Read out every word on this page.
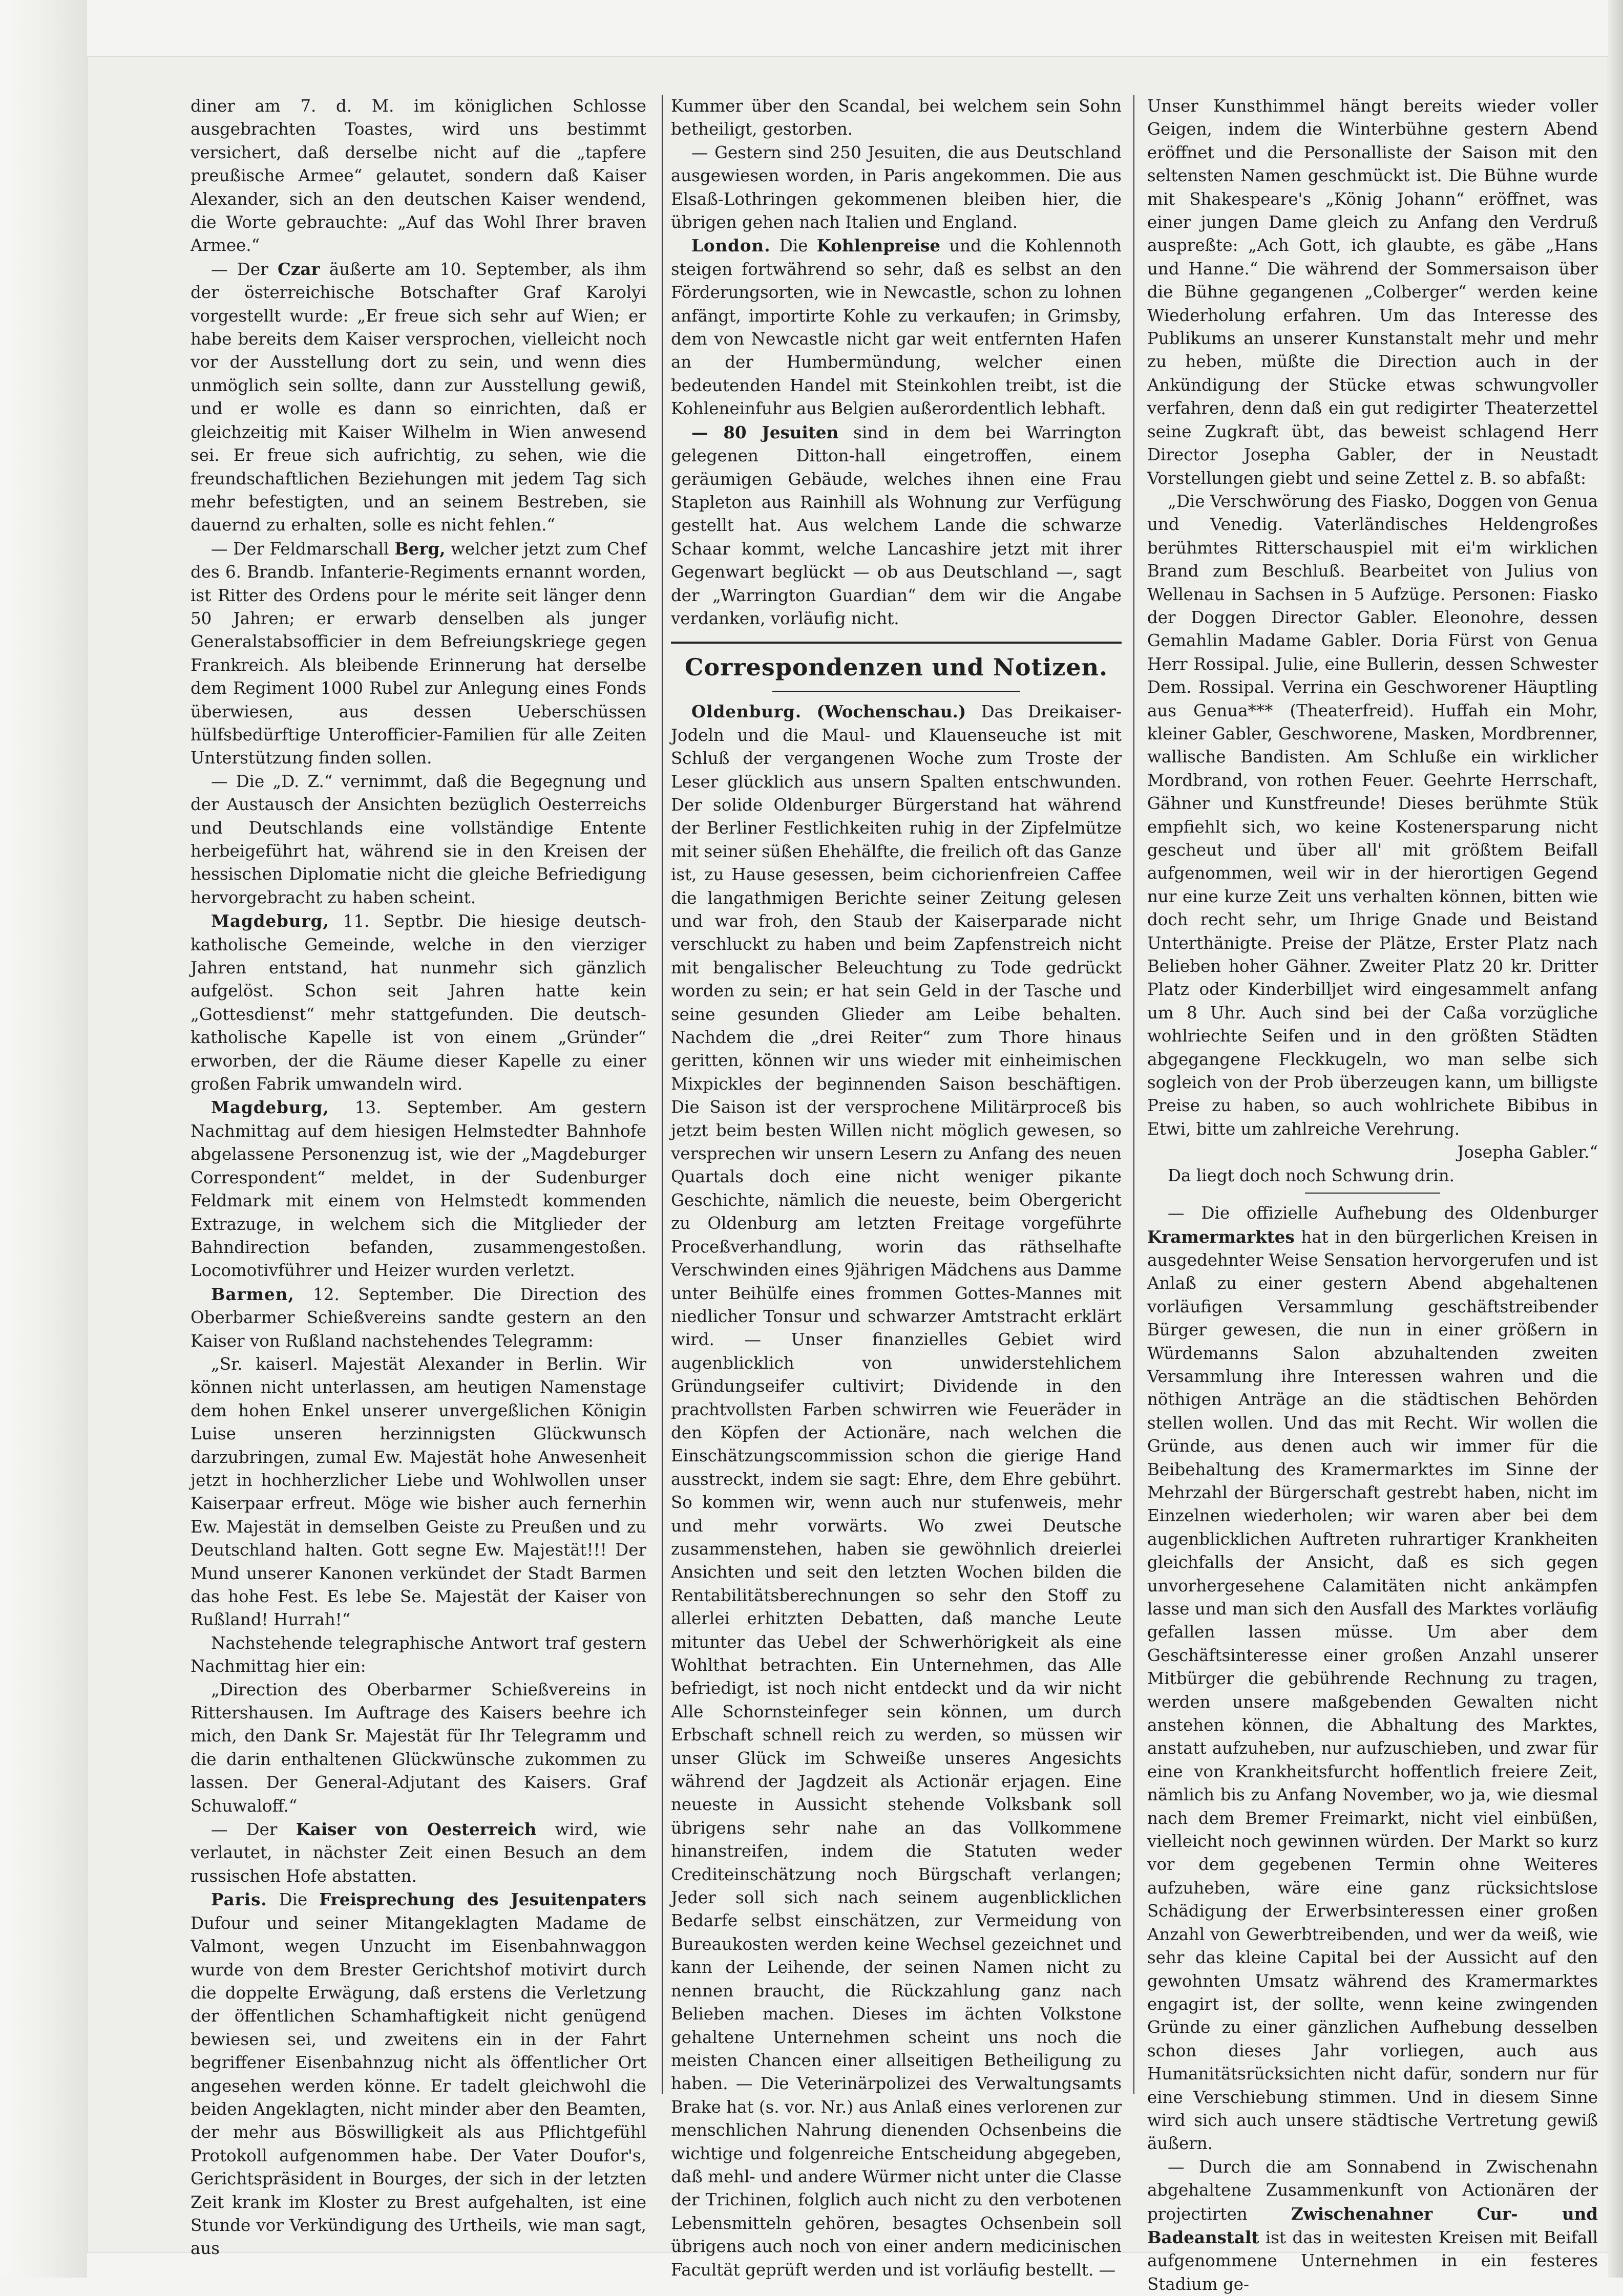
diner am 7. d. M. im königlichen Schlosse ausgebrachten Toastes, wird uns bestimmt versichert, daß derselbe nicht auf die „tapfere preußische Armee“ gelautet, sondern daß Kaiser Alexander, sich an den deutschen Kaiser wendend, die Worte gebrauchte: „Auf das Wohl Ihrer braven Armee.“

— Der Czar äußerte am 10. September, als ihm der österreichische Botschafter Graf Karolyi vorgestellt wurde: „Er freue sich sehr auf Wien; er habe bereits dem Kaiser versprochen, vielleicht noch vor der Ausstellung dort zu sein, und wenn dies unmöglich sein sollte, dann zur Ausstellung gewiß, und er wolle es dann so einrichten, daß er gleichzeitig mit Kaiser Wilhelm in Wien anwesend sei. Er freue sich aufrichtig, zu sehen, wie die freundschaftlichen Beziehungen mit jedem Tag sich mehr befestigten, und an seinem Bestreben, sie dauernd zu erhalten, solle es nicht fehlen.“

— Der Feldmarschall Berg, welcher jetzt zum Chef des 6. Brandb. Infanterie-Regiments ernannt worden, ist Ritter des Ordens pour le mérite seit länger denn 50 Jahren; er erwarb denselben als junger Generalstabsofficier in dem Befreiungskriege gegen Frankreich. Als bleibende Erinnerung hat derselbe dem Regiment 1000 Rubel zur Anlegung eines Fonds überwiesen, aus dessen Ueberschüssen hülfsbedürftige Unterofficier-Familien für alle Zeiten Unterstützung finden sollen.

— Die „D. Z.“ vernimmt, daß die Begegnung und der Austausch der Ansichten bezüglich Oesterreichs und Deutschlands eine vollständige Entente herbeigeführt hat, während sie in den Kreisen der hessischen Diplomatie nicht die gleiche Befriedigung hervorgebracht zu haben scheint.

Magdeburg, 11. Septbr. Die hiesige deutsch-katholische Gemeinde, welche in den vierziger Jahren entstand, hat nunmehr sich gänzlich aufgelöst. Schon seit Jahren hatte kein „Gottesdienst“ mehr stattgefunden. Die deutsch-katholische Kapelle ist von einem „Gründer“ erworben, der die Räume dieser Kapelle zu einer großen Fabrik umwandeln wird.

Magdeburg, 13. September. Am gestern Nachmittag auf dem hiesigen Helmstedter Bahnhofe abgelassene Personenzug ist, wie der „Magdeburger Correspondent“ meldet, in der Sudenburger Feldmark mit einem von Helmstedt kommenden Extrazuge, in welchem sich die Mitglieder der Bahndirection befanden, zusammengestoßen. Locomotivführer und Heizer wurden verletzt.

Barmen, 12. September. Die Direction des Oberbarmer Schießvereins sandte gestern an den Kaiser von Rußland nachstehendes Telegramm:

„Sr. kaiserl. Majestät Alexander in Berlin. Wir können nicht unterlassen, am heutigen Namenstage dem hohen Enkel unserer unvergeßlichen Königin Luise unseren herzinnigsten Glückwunsch darzubringen, zumal Ew. Majestät hohe Anwesenheit jetzt in hochherzlicher Liebe und Wohlwollen unser Kaiserpaar erfreut. Möge wie bisher auch fernerhin Ew. Majestät in demselben Geiste zu Preußen und zu Deutschland halten. Gott segne Ew. Majestät!!! Der Mund unserer Kanonen verkündet der Stadt Barmen das hohe Fest. Es lebe Se. Majestät der Kaiser von Rußland! Hurrah!“

Nachstehende telegraphische Antwort traf gestern Nachmittag hier ein:

„Direction des Oberbarmer Schießvereins in Rittershausen. Im Auftrage des Kaisers beehre ich mich, den Dank Sr. Majestät für Ihr Telegramm und die darin enthaltenen Glückwünsche zukommen zu lassen. Der General-Adjutant des Kaisers. Graf Schuwaloff.“

— Der Kaiser von Oesterreich wird, wie verlautet, in nächster Zeit einen Besuch an dem russischen Hofe abstatten.

Paris. Die Freisprechung des Jesuitenpaters Dufour und seiner Mitangeklagten Madame de Valmont, wegen Unzucht im Eisenbahnwaggon wurde von dem Brester Gerichtshof motivirt durch die doppelte Erwägung, daß erstens die Verletzung der öffentlichen Schamhaftigkeit nicht genügend bewiesen sei, und zweitens ein in der Fahrt begriffener Eisenbahnzug nicht als öffentlicher Ort angesehen werden könne. Er tadelt gleichwohl die beiden Angeklagten, nicht minder aber den Beamten, der mehr aus Böswilligkeit als aus Pflichtgefühl Protokoll aufgenommen habe. Der Vater Doufor's, Gerichtspräsident in Bourges, der sich in der letzten Zeit krank im Kloster zu Brest aufgehalten, ist eine Stunde vor Verkündigung des Urtheils, wie man sagt, aus

Kummer über den Scandal, bei welchem sein Sohn betheiligt, gestorben.

— Gestern sind 250 Jesuiten, die aus Deutschland ausgewiesen worden, in Paris angekommen. Die aus Elsaß-Lothringen gekommenen bleiben hier, die übrigen gehen nach Italien und England.

London. Die Kohlenpreise und die Kohlennoth steigen fortwährend so sehr, daß es selbst an den Förderungsorten, wie in Newcastle, schon zu lohnen anfängt, importirte Kohle zu verkaufen; in Grimsby, dem von Newcastle nicht gar weit entfernten Hafen an der Humbermündung, welcher einen bedeutenden Handel mit Steinkohlen treibt, ist die Kohleneinfuhr aus Belgien außerordentlich lebhaft.

— 80 Jesuiten sind in dem bei Warrington gelegenen Ditton-hall eingetroffen, einem geräumigen Gebäude, welches ihnen eine Frau Stapleton aus Rainhill als Wohnung zur Verfügung gestellt hat. Aus welchem Lande die schwarze Schaar kommt, welche Lancashire jetzt mit ihrer Gegenwart beglückt — ob aus Deutschland —, sagt der „Warrington Guardian“ dem wir die Angabe verdanken, vorläufig nicht.

Correspondenzen und Notizen.

Oldenburg. (Wochenschau.) Das Dreikaiser-Jodeln und die Maul- und Klauenseuche ist mit Schluß der vergangenen Woche zum Troste der Leser glücklich aus unsern Spalten entschwunden. Der solide Oldenburger Bürgerstand hat während der Berliner Festlichkeiten ruhig in der Zipfelmütze mit seiner süßen Ehehälfte, die freilich oft das Ganze ist, zu Hause gesessen, beim cichorienfreien Caffee die langathmigen Berichte seiner Zeitung gelesen und war froh, den Staub der Kaiserparade nicht verschluckt zu haben und beim Zapfenstreich nicht mit bengalischer Beleuchtung zu Tode gedrückt worden zu sein; er hat sein Geld in der Tasche und seine gesunden Glieder am Leibe behalten. Nachdem die „drei Reiter“ zum Thore hinaus geritten, können wir uns wieder mit einheimischen Mixpickles der beginnenden Saison beschäftigen. Die Saison ist der versprochene Militärproceß bis jetzt beim besten Willen nicht möglich gewesen, so versprechen wir unsern Lesern zu Anfang des neuen Quartals doch eine nicht weniger pikante Geschichte, nämlich die neueste, beim Obergericht zu Oldenburg am letzten Freitage vorgeführte Proceßverhandlung, worin das räthselhafte Verschwinden eines 9jährigen Mädchens aus Damme unter Beihülfe eines frommen Gottes-Mannes mit niedlicher Tonsur und schwarzer Amtstracht erklärt wird. — Unser finanzielles Gebiet wird augenblicklich von unwiderstehlichem Gründungseifer cultivirt; Dividende in den prachtvollsten Farben schwirren wie Feueräder in den Köpfen der Actionäre, nach welchen die Einschätzungscommission schon die gierige Hand ausstreckt, indem sie sagt: Ehre, dem Ehre gebührt. So kommen wir, wenn auch nur stufenweis, mehr und mehr vorwärts. Wo zwei Deutsche zusammenstehen, haben sie gewöhnlich dreierlei Ansichten und seit den letzten Wochen bilden die Rentabilitätsberechnungen so sehr den Stoff zu allerlei erhitzten Debatten, daß manche Leute mitunter das Uebel der Schwerhörigkeit als eine Wohlthat betrachten. Ein Unternehmen, das Alle befriedigt, ist noch nicht entdeckt und da wir nicht Alle Schornsteinfeger sein können, um durch Erbschaft schnell reich zu werden, so müssen wir unser Glück im Schweiße unseres Angesichts während der Jagdzeit als Actionär erjagen. Eine neueste in Aussicht stehende Volksbank soll übrigens sehr nahe an das Vollkommene hinanstreifen, indem die Statuten weder Crediteinschätzung noch Bürgschaft verlangen; Jeder soll sich nach seinem augenblicklichen Bedarfe selbst einschätzen, zur Vermeidung von Bureaukosten werden keine Wechsel gezeichnet und kann der Leihende, der seinen Namen nicht zu nennen braucht, die Rückzahlung ganz nach Belieben machen. Dieses im ächten Volkstone gehaltene Unternehmen scheint uns noch die meisten Chancen einer allseitigen Betheiligung zu haben. — Die Veterinärpolizei des Verwaltungsamts Brake hat (s. vor. Nr.) aus Anlaß eines verlorenen zur menschlichen Nahrung dienenden Ochsenbeins die wichtige und folgenreiche Entscheidung abgegeben, daß mehl- und andere Würmer nicht unter die Classe der Trichinen, folglich auch nicht zu den verbotenen Lebensmitteln gehören, besagtes Ochsenbein soll übrigens auch noch von einer andern medicinischen Facultät geprüft werden und ist vorläufig bestellt. —

Unser Kunsthimmel hängt bereits wieder voller Geigen, indem die Winterbühne gestern Abend eröffnet und die Personalliste der Saison mit den seltensten Namen geschmückt ist. Die Bühne wurde mit Shakespeare's „König Johann“ eröffnet, was einer jungen Dame gleich zu Anfang den Verdruß auspreßte: „Ach Gott, ich glaubte, es gäbe „Hans und Hanne.“ Die während der Sommersaison über die Bühne gegangenen „Colberger“ werden keine Wiederholung erfahren. Um das Interesse des Publikums an unserer Kunstanstalt mehr und mehr zu heben, müßte die Direction auch in der Ankündigung der Stücke etwas schwungvoller verfahren, denn daß ein gut redigirter Theaterzettel seine Zugkraft übt, das beweist schlagend Herr Director Josepha Gabler, der in Neustadt Vorstellungen giebt und seine Zettel z. B. so abfaßt:

„Die Verschwörung des Fiasko, Doggen von Genua und Venedig. Vaterländisches Heldengroßes berühmtes Ritterschauspiel mit ei'm wirklichen Brand zum Beschluß. Bearbeitet von Julius von Wellenau in Sachsen in 5 Aufzüge. Personen: Fiasko der Doggen Director Gabler. Eleonohre, dessen Gemahlin Madame Gabler. Doria Fürst von Genua Herr Rossipal. Julie, eine Bullerin, dessen Schwester Dem. Rossipal. Verrina ein Geschworener Häuptling aus Genua*** (Theaterfreid). Huffah ein Mohr, kleiner Gabler, Geschworene, Masken, Mordbrenner, wallische Bandisten. Am Schluße ein wirklicher Mordbrand, von rothen Feuer. Geehrte Herrschaft, Gähner und Kunstfreunde! Dieses berühmte Stük empfiehlt sich, wo keine Kostenersparung nicht gescheut und über all' mit größtem Beifall aufgenommen, weil wir in der hierortigen Gegend nur eine kurze Zeit uns verhalten können, bitten wie doch recht sehr, um Ihrige Gnade und Beistand Unterthänigte. Preise der Plätze, Erster Platz nach Belieben hoher Gähner. Zweiter Platz 20 kr. Dritter Platz oder Kinderbilljet wird eingesammelt anfang um 8 Uhr. Auch sind bei der Caßa vorzügliche wohlriechte Seifen und in den größten Städten abgegangene Fleckkugeln, wo man selbe sich sogleich von der Prob überzeugen kann, um billigste Preise zu haben, so auch wohlrichete Bibibus in Etwi, bitte um zahlreiche Verehrung.

Josepha Gabler.“

Da liegt doch noch Schwung drin.

— Die offizielle Aufhebung des Oldenburger Kramermarktes hat in den bürgerlichen Kreisen in ausgedehnter Weise Sensation hervorgerufen und ist Anlaß zu einer gestern Abend abgehaltenen vorläufigen Versammlung geschäftstreibender Bürger gewesen, die nun in einer größern in Würdemanns Salon abzuhaltenden zweiten Versammlung ihre Interessen wahren und die nöthigen Anträge an die städtischen Behörden stellen wollen. Und das mit Recht. Wir wollen die Gründe, aus denen auch wir immer für die Beibehaltung des Kramermarktes im Sinne der Mehrzahl der Bürgerschaft gestrebt haben, nicht im Einzelnen wiederholen; wir waren aber bei dem augenblicklichen Auftreten ruhrartiger Krankheiten gleichfalls der Ansicht, daß es sich gegen unvorhergesehene Calamitäten nicht ankämpfen lasse und man sich den Ausfall des Marktes vorläufig gefallen lassen müsse. Um aber dem Geschäftsinteresse einer großen Anzahl unserer Mitbürger die gebührende Rechnung zu tragen, werden unsere maßgebenden Gewalten nicht anstehen können, die Abhaltung des Marktes, anstatt aufzuheben, nur aufzuschieben, und zwar für eine von Krankheitsfurcht hoffentlich freiere Zeit, nämlich bis zu Anfang November, wo ja, wie diesmal nach dem Bremer Freimarkt, nicht viel einbüßen, vielleicht noch gewinnen würden. Der Markt so kurz vor dem gegebenen Termin ohne Weiteres aufzuheben, wäre eine ganz rücksichtslose Schädigung der Erwerbsinteressen einer großen Anzahl von Gewerbtreibenden, und wer da weiß, wie sehr das kleine Capital bei der Aussicht auf den gewohnten Umsatz während des Kramermarktes engagirt ist, der sollte, wenn keine zwingenden Gründe zu einer gänzlichen Aufhebung desselben schon dieses Jahr vorliegen, auch aus Humanitätsrücksichten nicht dafür, sondern nur für eine Verschiebung stimmen. Und in diesem Sinne wird sich auch unsere städtische Vertretung gewiß äußern.

— Durch die am Sonnabend in Zwischenahn abgehaltene Zusammenkunft von Actionären der projectirten	Zwischenahner Cur- und Badeanstalt ist das in weitesten Kreisen mit Beifall aufgenommene Unternehmen in ein festeres Stadium ge-
